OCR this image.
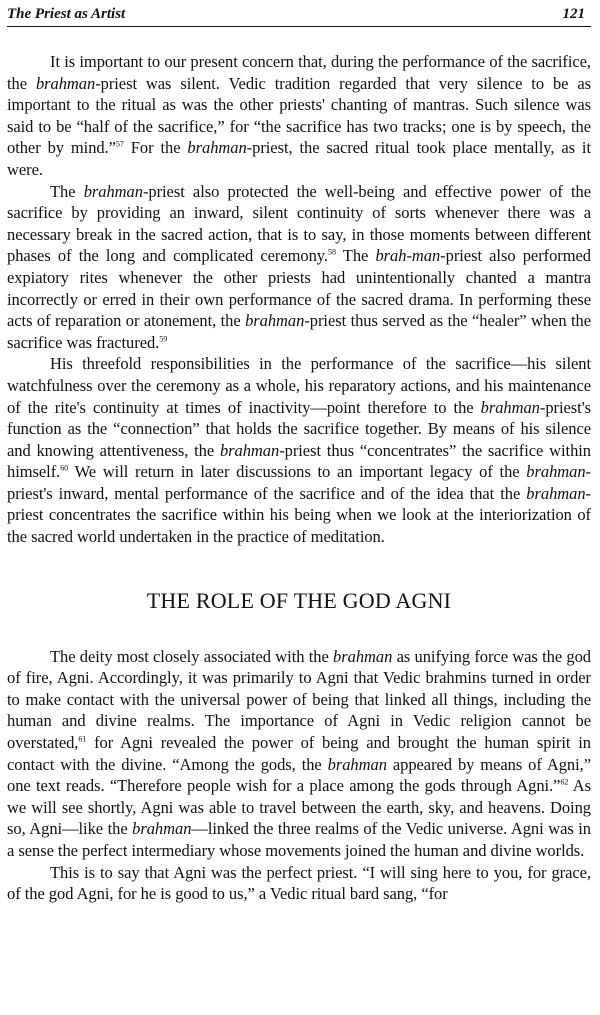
The Priest as Artist	121

It is important to our present concern that, during the performance of the sacrifice, the brahman-priest was silent. Vedic tradition regarded that very silence to be as important to the ritual as was the other priests' chanting of mantras. Such silence was said to be “half of the sacrifice,” for “the sacrifice has two tracks; one is by speech, the other by mind.”$^{57}$ For the brahman-priest, the sacred ritual took place mentally, as it were.

The brahman-priest also protected the well-being and effective power of the sacrifice by providing an inward, silent continuity of sorts whenever there was a necessary break in the sacred action, that is to say, in those moments between different phases of the long and complicated ceremony.$^{58}$ The brah-man-priest also performed expiatory rites whenever the other priests had unintentionally chanted a mantra incorrectly or erred in their own performance of the sacred drama. In performing these acts of reparation or atonement, the brahman-priest thus served as the “healer” when the sacrifice was fractured.$^{59}$

His threefold responsibilities in the performance of the sacrifice—his silent watchfulness over the ceremony as a whole, his reparatory actions, and his maintenance of the rite's continuity at times of inactivity—point therefore to the brahman-priest's function as the “connection” that holds the sacrifice together. By means of his silence and knowing attentiveness, the brahman-priest thus “concentrates” the sacrifice within himself.$^{60}$ We will return in later discussions to an important legacy of the brahman-priest's inward, mental performance of the sacrifice and of the idea that the brahman-priest concentrates the sacrifice within his being when we look at the interiorization of the sacred world undertaken in the practice of meditation.

THE ROLE OF THE GOD AGNI

The deity most closely associated with the brahman as unifying force was the god of fire, Agni. Accordingly, it was primarily to Agni that Vedic brahmins turned in order to make contact with the universal power of being that linked all things, including the human and divine realms. The importance of Agni in Vedic religion cannot be overstated,$^{61}$ for Agni revealed the power of being and brought the human spirit in contact with the divine. “Among the gods, the brahman appeared by means of Agni,” one text reads. “Therefore people wish for a place among the gods through Agni.”$^{62}$ As we will see shortly, Agni was able to travel between the earth, sky, and heavens. Doing so, Agni—like the brahman—linked the three realms of the Vedic universe. Agni was in a sense the perfect intermediary whose movements joined the human and divine worlds.

This is to say that Agni was the perfect priest. “I will sing here to you, for grace, of the god Agni, for he is good to us,” a Vedic ritual bard sang, “for
